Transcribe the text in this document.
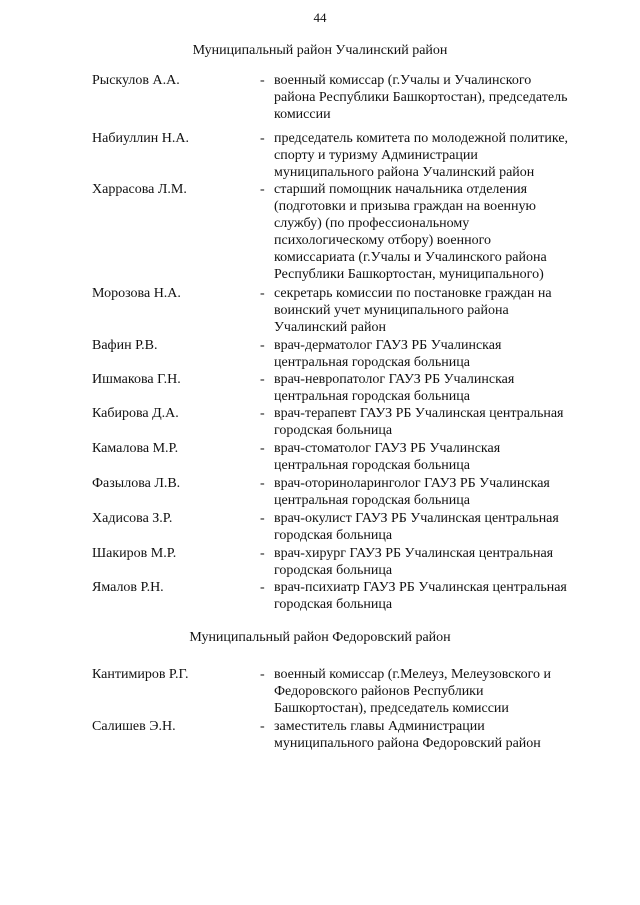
44
Муниципальный район Учалинский район
Рыскулов А.А.	- военный комиссар (г.Учалы и Учалинского
района Республики Башкортостан), председатель
комиссии
Набиуллин Н.А.	- председатель комитета по молодежной политике,
спорту и туризму Администрации
муниципального района Учалинский район
Харрасова Л.М.	- старший помощник начальника отделения
(подготовки и призыва граждан на военную
службу) (по профессиональному
психологическому отбору) военного
комиссариата (г.Учалы и Учалинского района
Республики Башкортостан, муниципального)
Морозова Н.А.	- секретарь комиссии по постановке граждан на
воинский учет муниципального района
Учалинский район
Вафин Р.В.	- врач-дерматолог ГАУЗ РБ Учалинская
центральная городская больница
Ишмакова Г.Н.	- врач-невропатолог ГАУЗ РБ Учалинская
центральная городская больница
Кабирова Д.А.	- врач-терапевт ГАУЗ РБ Учалинская центральная
городская больница
Камалова М.Р.	- врач-стоматолог ГАУЗ РБ Учалинская
центральная городская больница
Фазылова Л.В.	- врач-оториноларинголог ГАУЗ РБ Учалинская
центральная городская больница
Хадисова З.Р.	- врач-окулист ГАУЗ РБ Учалинская центральная
городская больница
Шакиров М.Р.	- врач-хирург ГАУЗ РБ Учалинская центральная
городская больница
Ямалов Р.Н.	- врач-психиатр ГАУЗ РБ Учалинская центральная
городская больница
Муниципальный район Федоровский район
Кантимиров Р.Г.	- военный комиссар (г.Мелеуз, Мелеузовского и
Федоровского районов Республики
Башкортостан), председатель комиссии
Салишев Э.Н.	- заместитель главы Администрации
муниципального района Федоровский район
